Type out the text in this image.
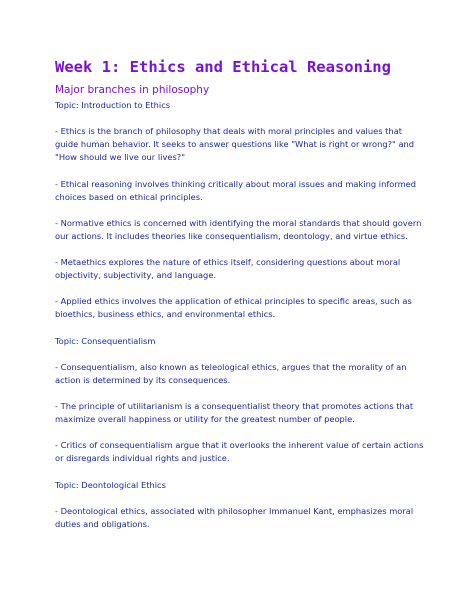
Week 1: Ethics and Ethical Reasoning

Major branches in philosophy

Topic: Introduction to Ethics

- Ethics is the branch of philosophy that deals with moral principles and values that guide human behavior. It seeks to answer questions like "What is right or wrong?" and "How should we live our lives?"

- Ethical reasoning involves thinking critically about moral issues and making informed choices based on ethical principles.

- Normative ethics is concerned with identifying the moral standards that should govern our actions. It includes theories like consequentialism, deontology, and virtue ethics.

- Metaethics explores the nature of ethics itself, considering questions about moral objectivity, subjectivity, and language.

- Applied ethics involves the application of ethical principles to specific areas, such as bioethics, business ethics, and environmental ethics.

Topic: Consequentialism

- Consequentialism, also known as teleological ethics, argues that the morality of an action is determined by its consequences.

- The principle of utilitarianism is a consequentialist theory that promotes actions that maximize overall happiness or utility for the greatest number of people.

- Critics of consequentialism argue that it overlooks the inherent value of certain actions or disregards individual rights and justice.

Topic: Deontological Ethics

- Deontological ethics, associated with philosopher Immanuel Kant, emphasizes moral duties and obligations.
